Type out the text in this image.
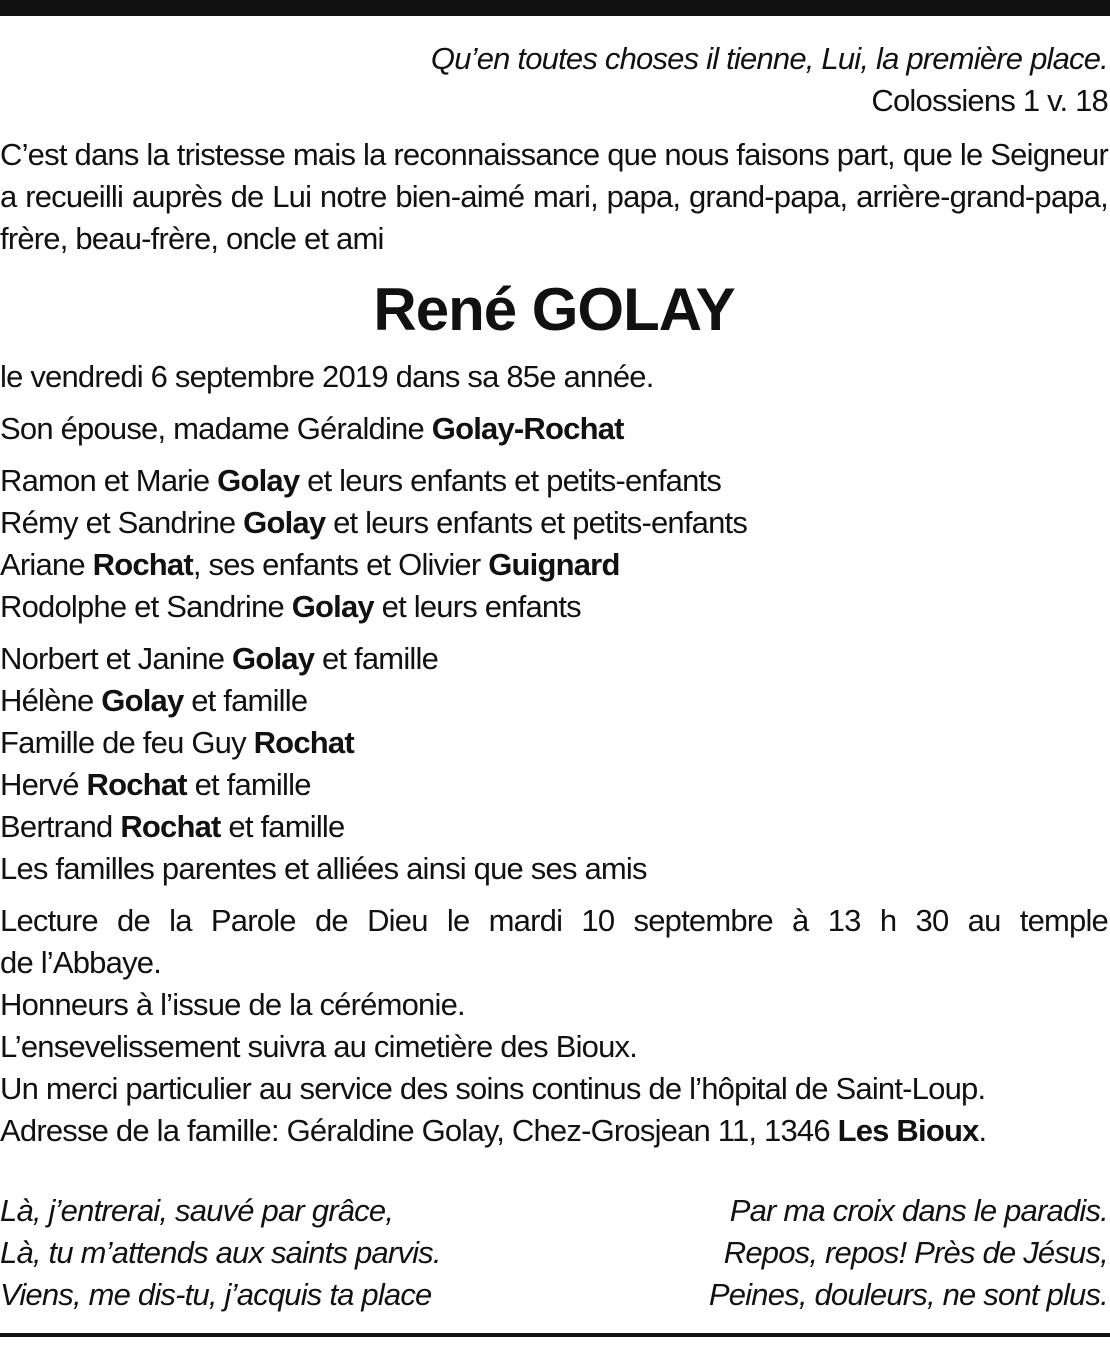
Qu’en toutes choses il tienne, Lui, la première place.
Colossiens 1 v. 18
C’est dans la tristesse mais la reconnaissance que nous faisons part, que le Seigneur a recueilli auprès de Lui notre bien-aimé mari, papa, grand-papa, arrière-grand-papa, frère, beau-frère, oncle et ami
René GOLAY
le vendredi 6 septembre 2019 dans sa 85e année.
Son épouse, madame Géraldine Golay-Rochat
Ramon et Marie Golay et leurs enfants et petits-enfants
Rémy et Sandrine Golay et leurs enfants et petits-enfants
Ariane Rochat, ses enfants et Olivier Guignard
Rodolphe et Sandrine Golay et leurs enfants
Norbert et Janine Golay et famille
Hélène Golay et famille
Famille de feu Guy Rochat
Hervé Rochat et famille
Bertrand Rochat et famille
Les familles parentes et alliées ainsi que ses amis
Lecture de la Parole de Dieu le mardi 10 septembre à 13 h 30 au temple
de l’Abbaye.
Honneurs à l’issue de la cérémonie.
L’ensevelissement suivra au cimetière des Bioux.
Un merci particulier au service des soins continus de l’hôpital de Saint-Loup.
Adresse de la famille: Géraldine Golay, Chez-Grosjean 11, 1346 Les Bioux.
Là, j’entrerai, sauvé par grâce,
Là, tu m’attends aux saints parvis.
Viens, me dis-tu, j’acquis ta place
Par ma croix dans le paradis.
Repos, repos! Près de Jésus,
Peines, douleurs, ne sont plus.
